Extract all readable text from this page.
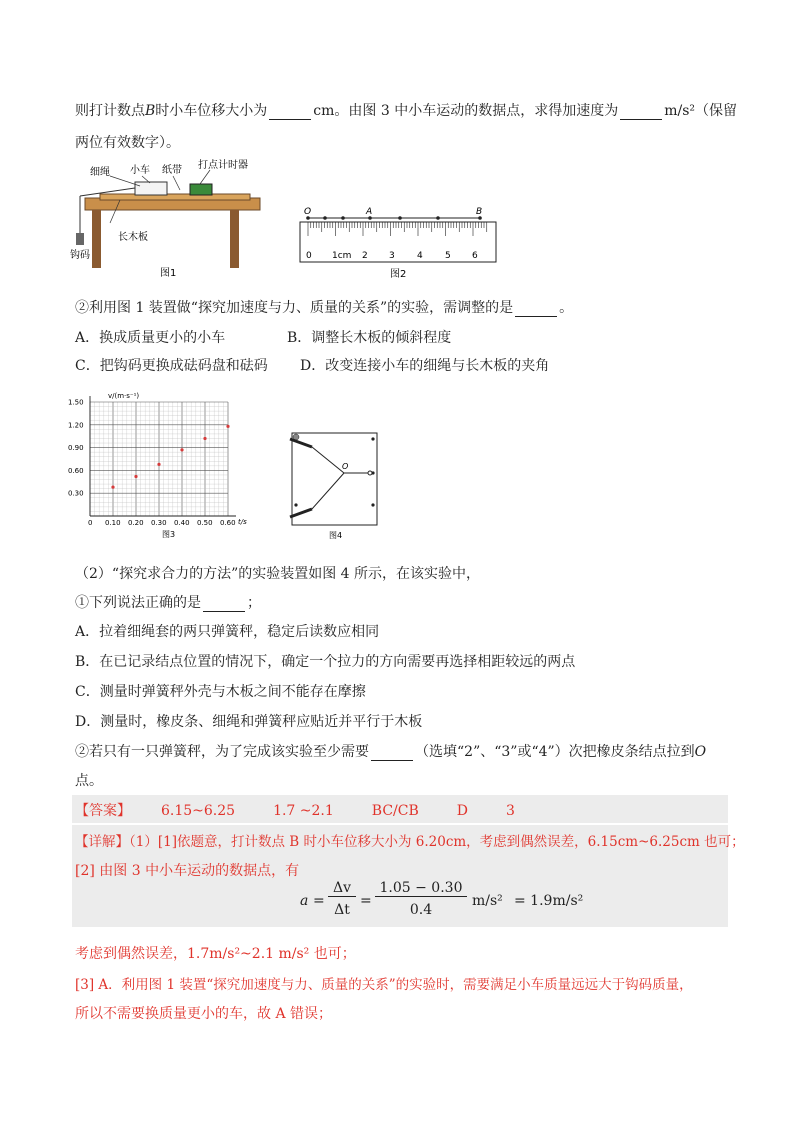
则打计数点B时小车位移大小为	cm。由图 3 中小车运动的数据点，求得加速度为	m/s²（保留
两位有效数字）。
细绳 小车 纸带 打点计时器
长木板
钩码
图1
O	A	B
0 1cm 2 3 4 5 6
图2
②利用图 1 装置做“探究加速度与力、质量的关系”的实验，需调整的是	。
A．换成质量更小的小车	B．调整长木板的倾斜程度
C．把钩码更换成砝码盘和砝码 D．改变连接小车的细绳与长木板的夹角
0 0.10 0.20 0.30 0.40 0.50 0.60
0.30
0.60
0.90
1.20
1.50
v/(m·s⁻¹)
t/s
图3
O
图4
（2）“探究求合力的方法”的实验装置如图 4 所示，在该实验中，
①下列说法正确的是	；
A．拉着细绳套的两只弹簧秤，稳定后读数应相同
B．在已记录结点位置的情况下，确定一个拉力的方向需要再选择相距较远的两点
C．测量时弹簧秤外壳与木板之间不能存在摩擦
D．测量时，橡皮条、细绳和弹簧秤应贴近并平行于木板
②若只有一只弹簧秤，为了完成该实验至少需要	（选填“2”、“3”或“4”）次把橡皮条结点拉到O
点。
【答案】 6.15~6.25	1.7 ~2.1	BC/CB	D	3
【详解】（1）[1]依题意，打计数点 B 时小车位移大小为 6.20cm，考虑到偶然误差，6.15cm~6.25cm 也可；
[2] 由图 3 中小车运动的数据点，有
a =
Δv
Δt
=
1.05 − 0.30
0.4
m/s² = 1.9m/s²
考虑到偶然误差，1.7m/s²~2.1 m/s² 也可；
[3] A．利用图 1 装置“探究加速度与力、质量的关系”的实验时，需要满足小车质量远远大于钩码质量，
所以不需要换质量更小的车，故 A 错误；
